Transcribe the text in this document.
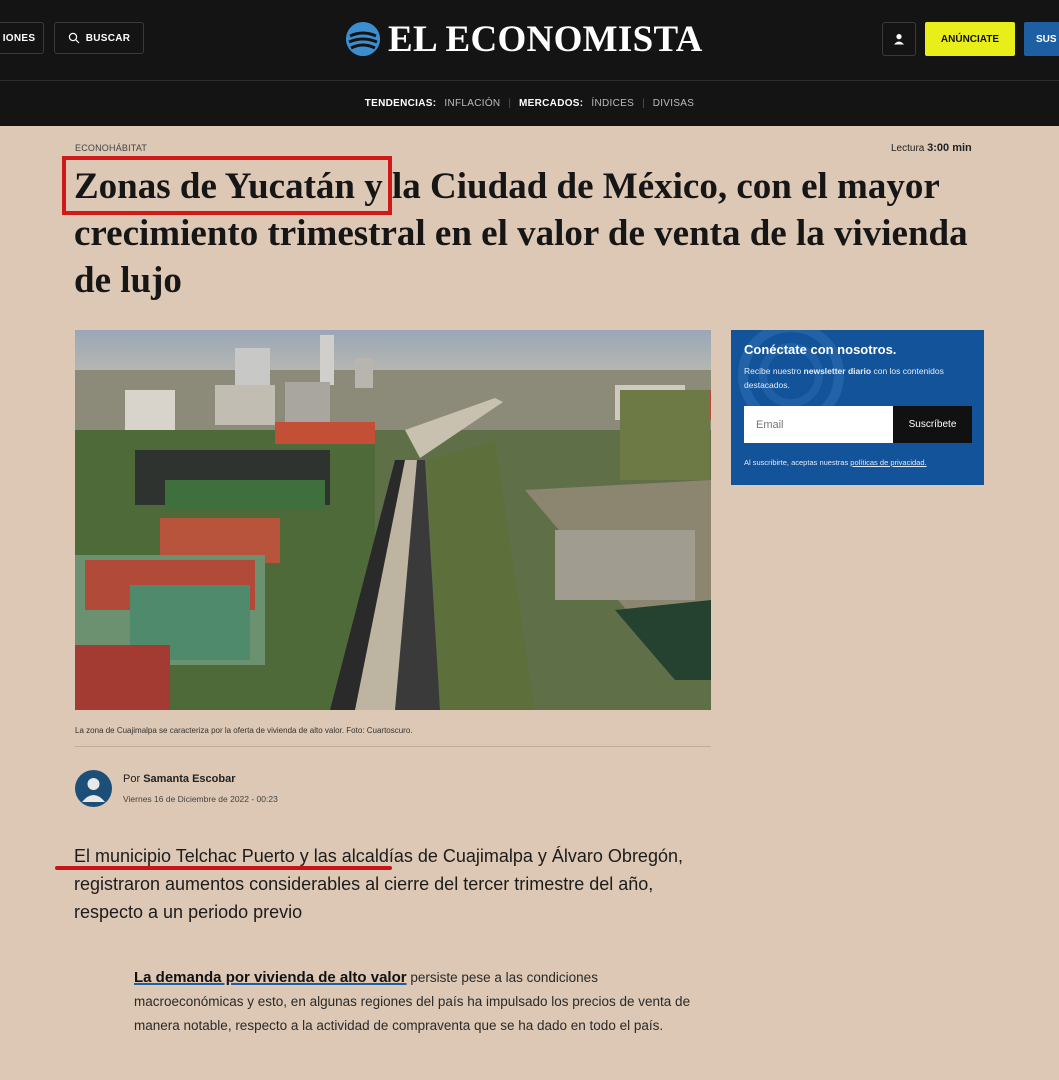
IONES	BUSCAR	EL ECONOMISTA	ANÚNCIATE	SUS
TENDENCIAS: INFLACIÓN | MERCADOS: ÍNDICES | DIVISAS
ECONOHÁBITAT	Lectura 3:00 min
Zonas de Yucatán y la Ciudad de México, con el mayor crecimiento trimestral en el valor de venta de la vivienda de lujo
La zona de Cuajimalpa se caracteriza por la oferta de vivienda de alto valor. Foto: Cuartoscuro.
Conéctate con nosotros.
Recibe nuestro newsletter diario con los contenidos destacados.
Email
Suscríbete
Al suscribirte, aceptas nuestras políticas de privacidad.
Por Samanta Escobar
Viernes 16 de Diciembre de 2022 - 00:23

El municipio Telchac Puerto y las alcaldías de Cuajimalpa y Álvaro Obregón, registraron aumentos considerables al cierre del tercer trimestre del año, respecto a un periodo previo

La demanda por vivienda de alto valor persiste pese a las condiciones macroeconómicas y esto, en algunas regiones del país ha impulsado los precios de venta de manera notable, respecto a la actividad de compraventa que se ha dado en todo el país.
